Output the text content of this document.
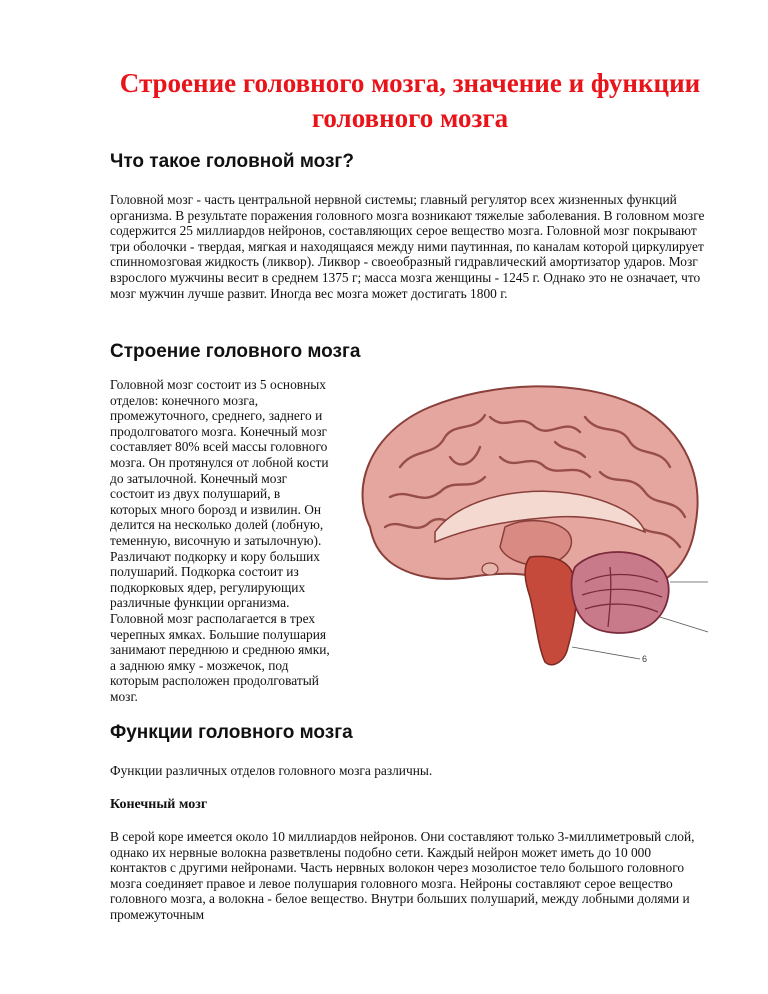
Строение головного мозга, значение и функции головного мозга
Что такое головной мозг?

Головной мозг - часть центральной нервной системы; главный регулятор всех жизненных функций организма. В результате поражения головного мозга возникают тяжелые заболевания. В головном мозге содержится 25 миллиардов нейронов, составляющих серое вещество мозга. Головной мозг покрывают три оболочки - твердая, мягкая и находящаяся между ними паутинная, по каналам которой циркулирует спинномозговая жидкость (ликвор). Ликвор - своеобразный гидравлический амортизатор ударов. Мозг взрослого мужчины весит в среднем 1375 г; масса мозга женщины - 1245 г. Однако это не означает, что мозг мужчин лучше развит. Иногда вес мозга может достигать 1800 г.

Строение головного мозга
6
Головной мозг состоит из 5 основных отделов: конечного мозга, промежуточного, среднего, заднего и продолговатого мозга. Конечный мозг составляет 80% всей массы головного мозга. Он протянулся от лобной кости до затылочной. Конечный мозг состоит из двух полушарий, в которых много борозд и извилин. Он делится на несколько долей (лобную, теменную, височную и затылочную). Различают подкорку и кору больших полушарий. Подкорка состоит из подкорковых ядер, регулирующих различные функции организма. Головной мозг располагается в трех черепных ямках. Большие полушария занимают переднюю и среднюю ямки, а заднюю ямку - мозжечок, под которым расположен продолговатый мозг.
Функции головного мозга

Функции различных отделов головного мозга различны.

Конечный мозг

В серой коре имеется около 10 миллиардов нейронов. Они составляют только 3-миллиметровый слой, однако их нервные волокна разветвлены подобно сети. Каждый нейрон может иметь до 10 000 контактов с другими нейронами. Часть нервных волокон через мозолистое тело большого головного мозга соединяет правое и левое полушария головного мозга. Нейроны составляют серое вещество головного мозга, а волокна - белое вещество. Внутри больших полушарий, между лобными долями и промежуточным
